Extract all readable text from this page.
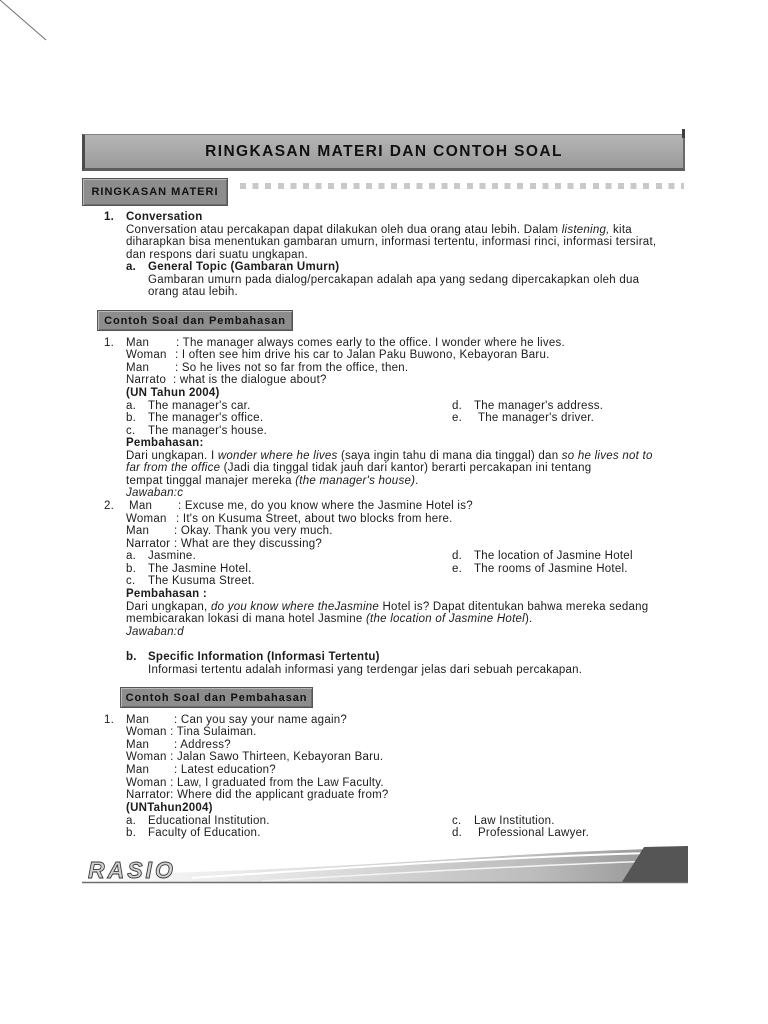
RINGKASAN MATERI DAN CONTOH SOAL
RINGKASAN MATERI
1. Conversation
Conversation atau percakapan dapat dilakukan oleh dua orang atau lebih. Dalam listening, kita
diharapkan bisa menentukan gambaran umurn, informasi tertentu, informasi rinci, informasi tersirat,
dan respons dari suatu ungkapan.
a. General Topic (Gambaran Umurn)
Gambaran umurn pada dialog/percakapan adalah apa yang sedang dipercakapkan oleh dua
orang atau lebih.
Contoh Soal dan Pembahasan
1. Man : The manager always comes early to the office. I wonder where he lives.
Woman : I often see him drive his car to Jalan Paku Buwono, Kebayoran Baru.
Man : So he lives not so far from the office, then.
Narrato : what is the dialogue about?
(UN Tahun 2004)
a. The manager's car.
b. The manager's office.
c. The manager's house.
d. The manager's address.
e. The manager's driver.
Pembahasan:
Dari ungkapan. I wonder where he lives (saya ingin tahu di mana dia tinggal) dan so he lives not to
far from the office (Jadi dia tinggal tidak jauh dari kantor) berarti percakapan ini tentang
tempat tinggal manajer mereka (the manager's house).
Jawaban:c
2. Man : Excuse me, do you know where the Jasmine Hotel is?
Woman : It's on Kusuma Street, about two blocks from here.
Man : Okay. Thank you very much.
Narrator : What are they discussing?
a. Jasmine.
b. The Jasmine Hotel.
c. The Kusuma Street.
d. The location of Jasmine Hotel
e. The rooms of Jasmine Hotel.
Pembahasan :
Dari ungkapan, do you know where theJasmine Hotel is? Dapat ditentukan bahwa mereka sedang
membicarakan lokasi di mana hotel Jasmine (the location of Jasmine Hotel).
Jawaban:d
b. Specific Information (Informasi Tertentu)
Informasi tertentu adalah informasi yang terdengar jelas dari sebuah percakapan.
Contoh Soal dan Pembahasan
1. Man : Can you say your name again?
Woman : Tina Sulaiman.
Man : Address?
Woman : Jalan Sawo Thirteen, Kebayoran Baru.
Man : Latest education?
Woman : Law, I graduated from the Law Faculty.
Narrator: Where did the applicant graduate from?
(UNTahun2004)
a. Educational Institution.
b. Faculty of Education.
c. Law Institution.
d. Professional Lawyer.
RASIO
